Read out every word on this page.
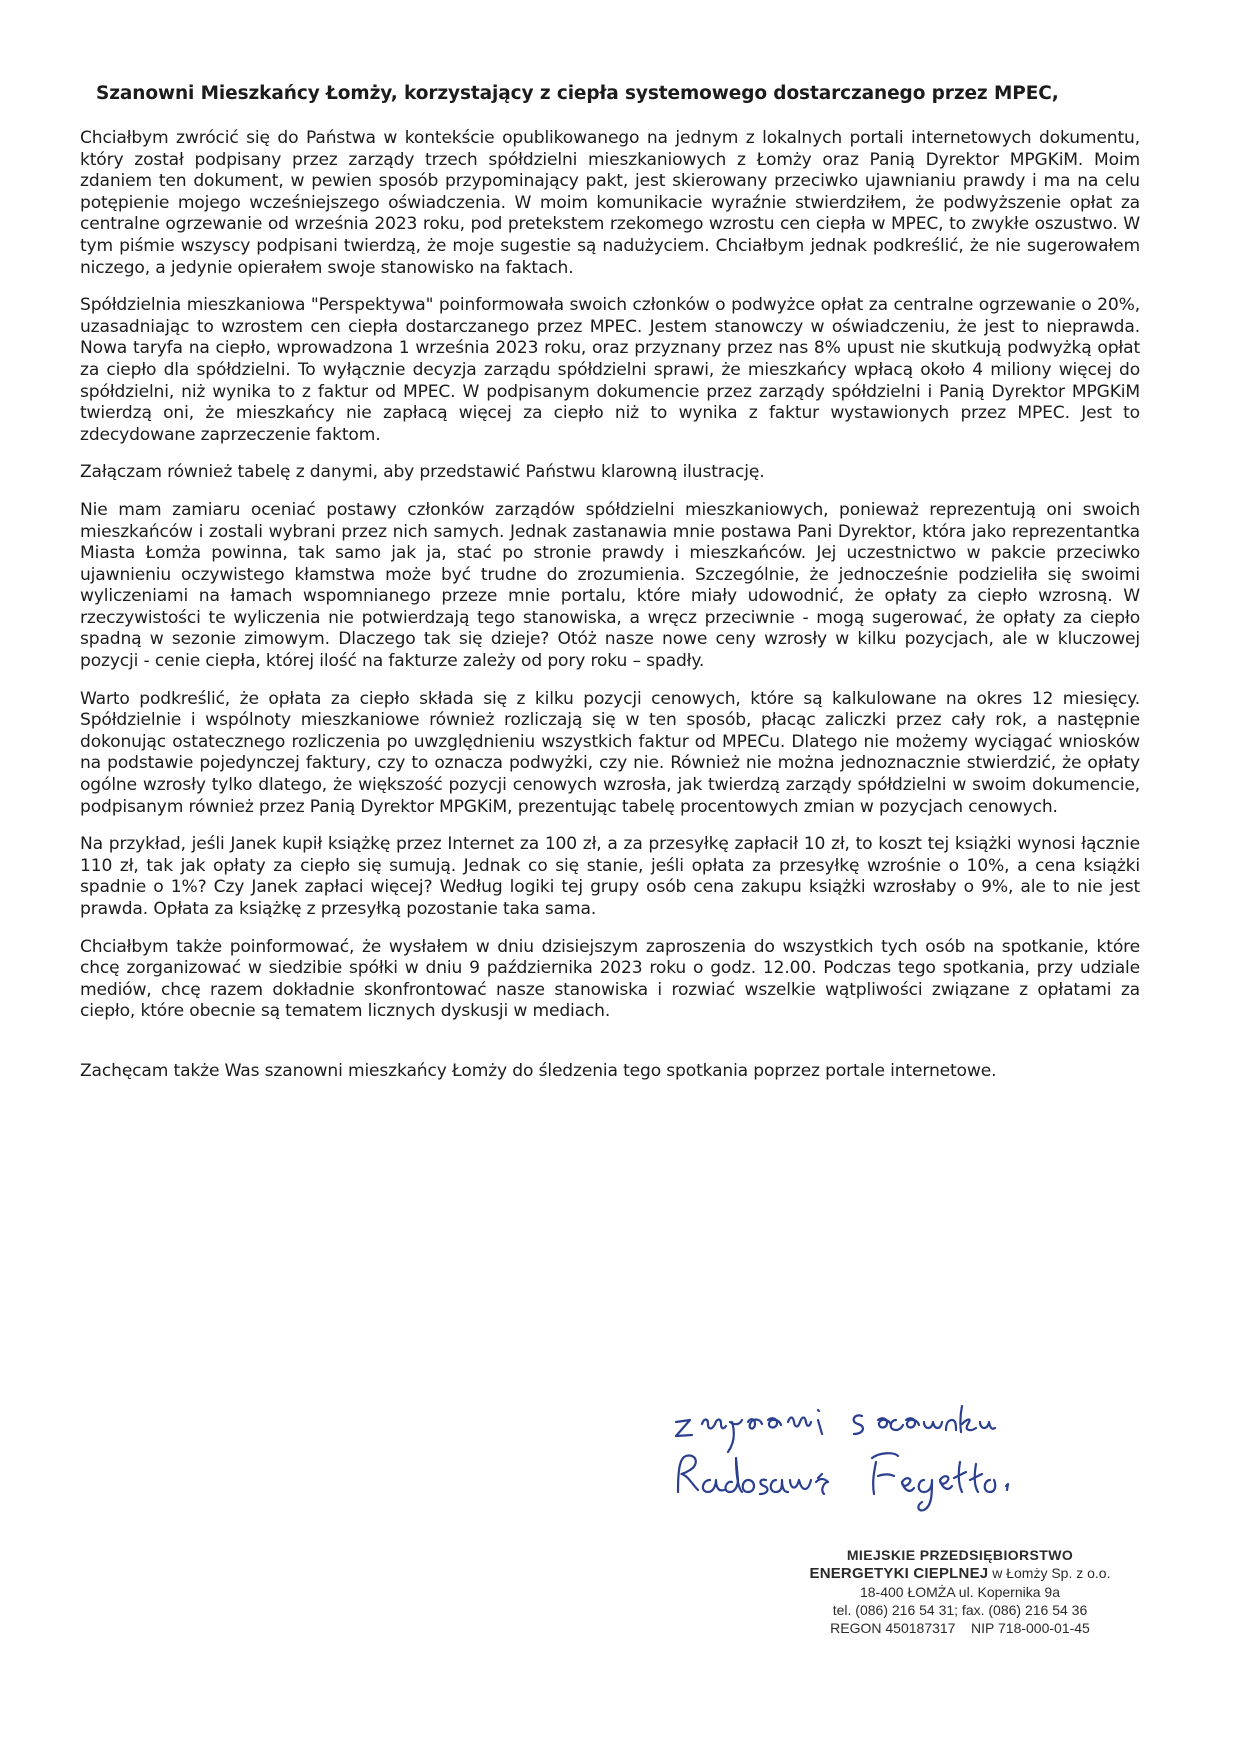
Szanowni Mieszkańcy Łomży, korzystający z ciepła systemowego dostarczanego przez MPEC,

Chciałbym zwrócić się do Państwa w kontekście opublikowanego na jednym z lokalnych portali internetowych dokumentu, który został podpisany przez zarządy trzech spółdzielni mieszkaniowych z Łomży oraz Panią Dyrektor MPGKiM. Moim zdaniem ten dokument, w pewien sposób przypominający pakt, jest skierowany przeciwko ujawnianiu prawdy i ma na celu potępienie mojego wcześniejszego oświadczenia. W moim komunikacie wyraźnie stwierdziłem, że podwyższenie opłat za centralne ogrzewanie od września 2023 roku, pod pretekstem rzekomego wzrostu cen ciepła w MPEC, to zwykłe oszustwo. W tym piśmie wszyscy podpisani twierdzą, że moje sugestie są nadużyciem. Chciałbym jednak podkreślić, że nie sugerowałem niczego, a jedynie opierałem swoje stanowisko na faktach.

Spółdzielnia mieszkaniowa "Perspektywa" poinformowała swoich członków o podwyżce opłat za centralne ogrzewanie o 20%, uzasadniając to wzrostem cen ciepła dostarczanego przez MPEC. Jestem stanowczy w oświadczeniu, że jest to nieprawda. Nowa taryfa na ciepło, wprowadzona 1 września 2023 roku, oraz przyznany przez nas 8% upust nie skutkują podwyżką opłat za ciepło dla spółdzielni. To wyłącznie decyzja zarządu spółdzielni sprawi, że mieszkańcy wpłacą około 4 miliony więcej do spółdzielni, niż wynika to z faktur od MPEC. W podpisanym dokumencie przez zarządy spółdzielni i Panią Dyrektor MPGKiM twierdzą oni, że mieszkańcy nie zapłacą więcej za ciepło niż to wynika z faktur wystawionych przez MPEC. Jest to zdecydowane zaprzeczenie faktom.

Załączam również tabelę z danymi, aby przedstawić Państwu klarowną ilustrację.

Nie mam zamiaru oceniać postawy członków zarządów spółdzielni mieszkaniowych, ponieważ reprezentują oni swoich mieszkańców i zostali wybrani przez nich samych. Jednak zastanawia mnie postawa Pani Dyrektor, która jako reprezentantka Miasta Łomża powinna, tak samo jak ja, stać po stronie prawdy i mieszkańców. Jej uczestnictwo w pakcie przeciwko ujawnieniu oczywistego kłamstwa może być trudne do zrozumienia. Szczególnie, że jednocześnie podzieliła się swoimi wyliczeniami na łamach wspomnianego przeze mnie portalu, które miały udowodnić, że opłaty za ciepło wzrosną. W rzeczywistości te wyliczenia nie potwierdzają tego stanowiska, a wręcz przeciwnie - mogą sugerować, że opłaty za ciepło spadną w sezonie zimowym. Dlaczego tak się dzieje? Otóż nasze nowe ceny wzrosły w kilku pozycjach, ale w kluczowej pozycji - cenie ciepła, której ilość na fakturze zależy od pory roku – spadły.

Warto podkreślić, że opłata za ciepło składa się z kilku pozycji cenowych, które są kalkulowane na okres 12 miesięcy. Spółdzielnie i wspólnoty mieszkaniowe również rozliczają się w ten sposób, płacąc zaliczki przez cały rok, a następnie dokonując ostatecznego rozliczenia po uwzględnieniu wszystkich faktur od MPECu. Dlatego nie możemy wyciągać wniosków na podstawie pojedynczej faktury, czy to oznacza podwyżki, czy nie. Również nie można jednoznacznie stwierdzić, że opłaty ogólne wzrosły tylko dlatego, że większość pozycji cenowych wzrosła, jak twierdzą zarządy spółdzielni w swoim dokumencie, podpisanym również przez Panią Dyrektor MPGKiM, prezentując tabelę procentowych zmian w pozycjach cenowych.

Na przykład, jeśli Janek kupił książkę przez Internet za 100 zł, a za przesyłkę zapłacił 10 zł, to koszt tej książki wynosi łącznie 110 zł, tak jak opłaty za ciepło się sumują. Jednak co się stanie, jeśli opłata za przesyłkę wzrośnie o 10%, a cena książki spadnie o 1%? Czy Janek zapłaci więcej? Według logiki tej grupy osób cena zakupu książki wzrosłaby o 9%, ale to nie jest prawda. Opłata za książkę z przesyłką pozostanie taka sama.

Chciałbym także poinformować, że wysłałem w dniu dzisiejszym zaproszenia do wszystkich tych osób na spotkanie, które chcę zorganizować w siedzibie spółki w dniu 9 października 2023 roku o godz. 12.00. Podczas tego spotkania, przy udziale mediów, chcę razem dokładnie skonfrontować nasze stanowiska i rozwiać wszelkie wątpliwości związane z opłatami za ciepło, które obecnie są tematem licznych dyskusji w mediach.

Zachęcam także Was szanowni mieszkańcy Łomży do śledzenia tego spotkania poprzez portale internetowe.

MIEJSKIE PRZEDSIĘBIORSTWO
ENERGETYKI CIEPLNEJ w Łomży Sp. z o.o.
18-400 ŁOMŻA ul. Kopernika 9a
tel. (086) 216 54 31; fax. (086) 216 54 36
REGON 450187317    NIP 718-000-01-45
